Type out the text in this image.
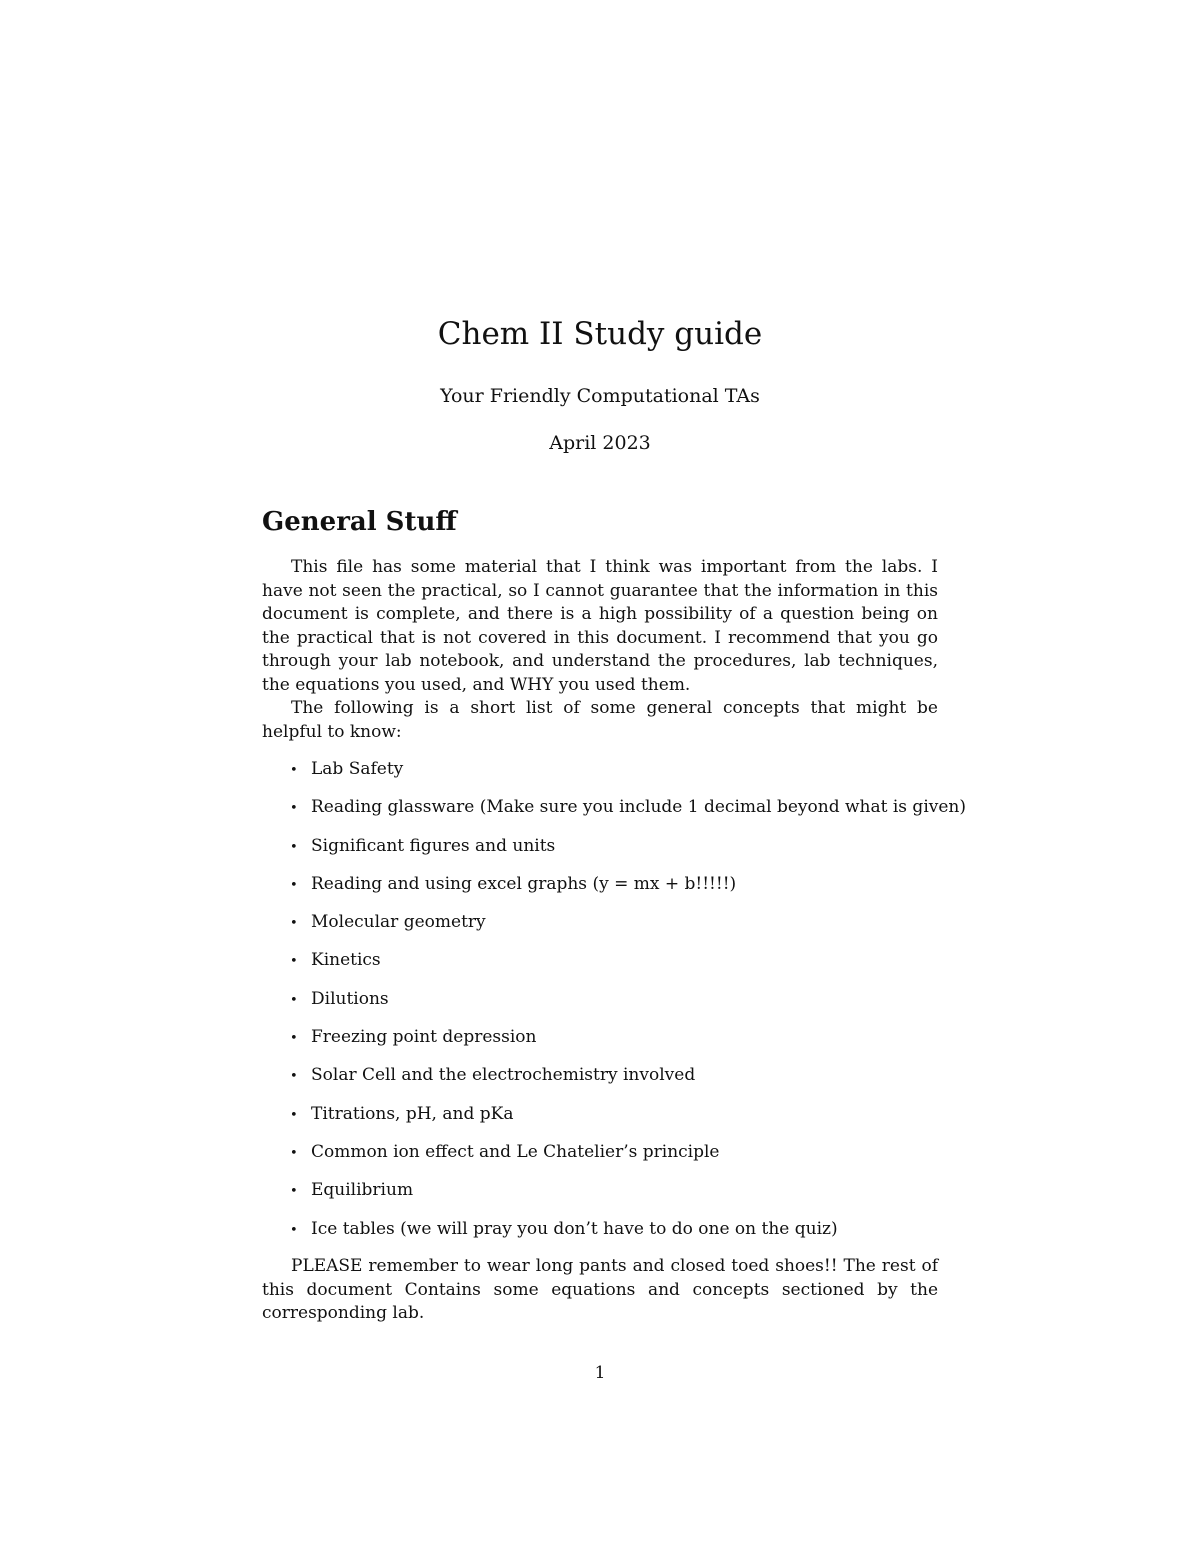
Chem II Study guide
Your Friendly Computational TAs
April 2023
General Stuff

This file has some material that I think was important from the labs. I have not seen the practical, so I cannot guarantee that the information in this document is complete, and there is a high possibility of a question being on the practical that is not covered in this document. I recommend that you go through your lab notebook, and understand the procedures, lab techniques, the equations you used, and WHY you used them.

The following is a short list of some general concepts that might be helpful to know:

• Lab Safety
• Reading glassware (Make sure you include 1 decimal beyond what is given)
• Significant figures and units
• Reading and using excel graphs (y = mx + b!!!!!)
• Molecular geometry
• Kinetics
• Dilutions
• Freezing point depression
• Solar Cell and the electrochemistry involved
• Titrations, pH, and pKa
• Common ion effect and Le Chatelier’s principle
• Equilibrium
• Ice tables (we will pray you don’t have to do one on the quiz)

PLEASE remember to wear long pants and closed toed shoes!! The rest of this document Contains some equations and concepts sectioned by the corresponding lab.

1
